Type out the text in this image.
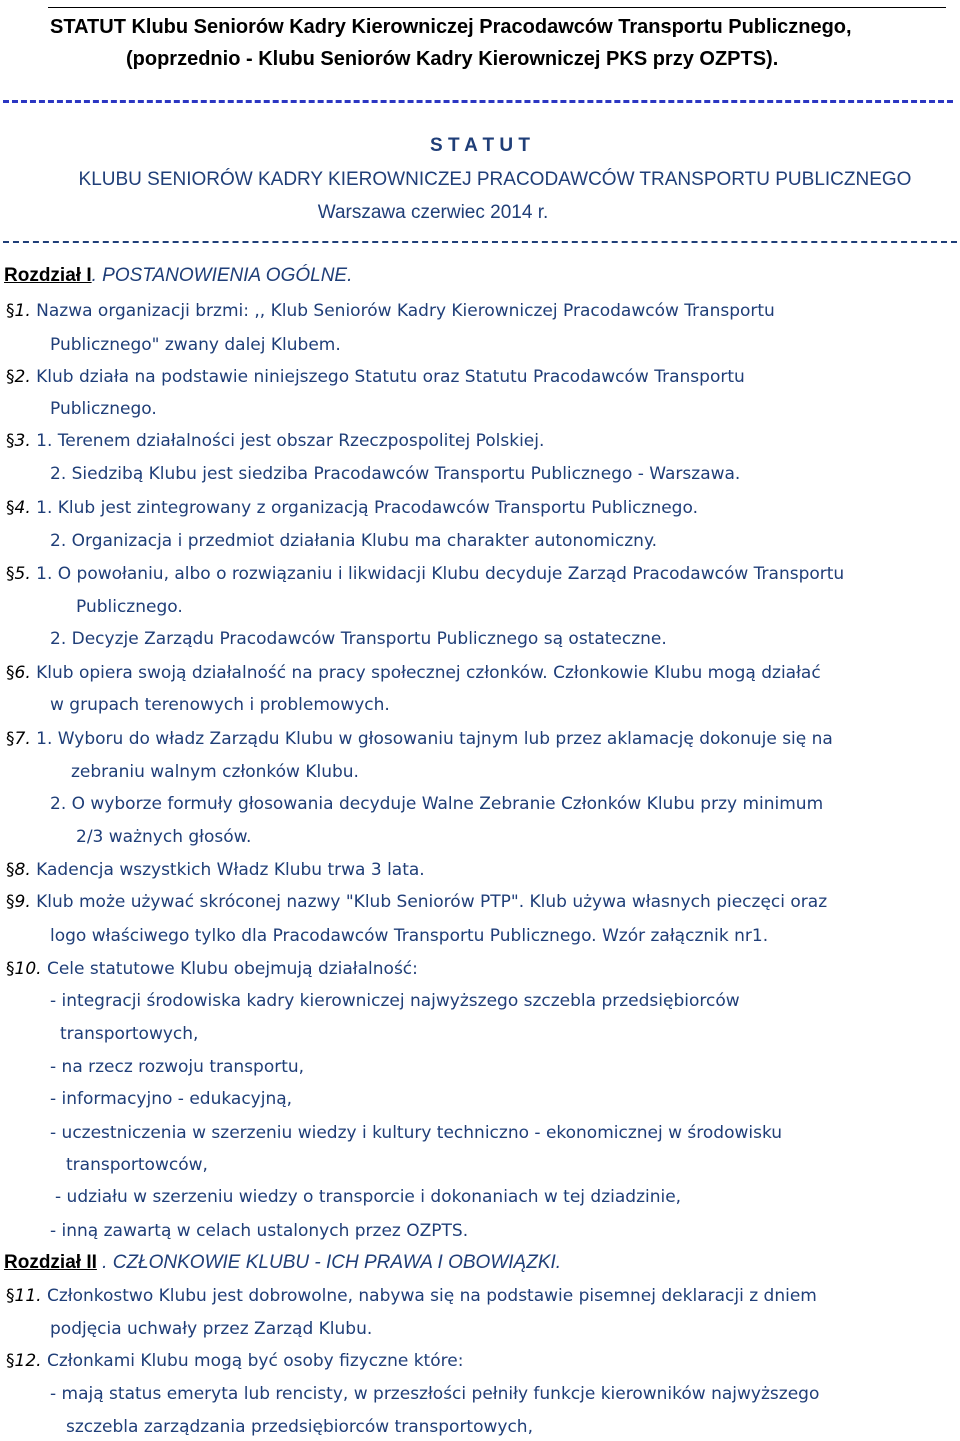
STATUT Klubu Seniorów Kadry Kierowniczej Pracodawców Transportu Publicznego,
(poprzednio - Klubu Seniorów Kadry Kierowniczej PKS przy OZPTS).
S T A T U T
KLUBU SENIORÓW KADRY KIEROWNICZEJ PRACODAWCÓW TRANSPORTU PUBLICZNEGO
Warszawa czerwiec 2014 r.
Rozdział I. POSTANOWIENIA OGÓLNE.
§1. Nazwa organizacji brzmi: ,, Klub Seniorów Kadry Kierowniczej Pracodawców Transportu
Publicznego" zwany dalej Klubem.
§2. Klub działa na podstawie niniejszego Statutu oraz Statutu Pracodawców Transportu
Publicznego.
§3. 1. Terenem działalności jest obszar Rzeczpospolitej Polskiej.
2. Siedzibą Klubu jest siedziba Pracodawców Transportu Publicznego - Warszawa.
§4. 1. Klub jest zintegrowany z organizacją Pracodawców Transportu Publicznego.
2. Organizacja i przedmiot działania Klubu ma charakter autonomiczny.
§5. 1. O powołaniu, albo o rozwiązaniu i likwidacji Klubu decyduje Zarząd Pracodawców Transportu
Publicznego.
2. Decyzje Zarządu Pracodawców Transportu Publicznego są ostateczne.
§6. Klub opiera swoją działalność na pracy społecznej członków. Członkowie Klubu mogą działać
w grupach terenowych i problemowych.
§7. 1. Wyboru do władz Zarządu Klubu w głosowaniu tajnym lub przez aklamację dokonuje się na
zebraniu walnym członków Klubu.
2. O wyborze formuły głosowania decyduje Walne Zebranie Członków Klubu przy minimum
2/3 ważnych głosów.
§8. Kadencja wszystkich Władz Klubu trwa 3 lata.
§9. Klub może używać skróconej nazwy "Klub Seniorów PTP". Klub używa własnych pieczęci oraz
logo właściwego tylko dla Pracodawców Transportu Publicznego. Wzór załącznik nr1.
§10. Cele statutowe Klubu obejmują działalność:
- integracji środowiska kadry kierowniczej najwyższego szczebla przedsiębiorców
transportowych,
- na rzecz rozwoju transportu,
- informacyjno - edukacyjną,
- uczestniczenia w szerzeniu wiedzy i kultury techniczno - ekonomicznej w środowisku
transportowców,
- udziału w szerzeniu wiedzy o transporcie i dokonaniach w tej dziadzinie,
- inną zawartą w celach ustalonych przez OZPTS.
Rozdział II . CZŁONKOWIE KLUBU - ICH PRAWA I OBOWIĄZKI.
§11. Członkostwo Klubu jest dobrowolne, nabywa się na podstawie pisemnej deklaracji z dniem
podjęcia uchwały przez Zarząd Klubu.
§12. Członkami Klubu mogą być osoby fizyczne które:
- mają status emeryta lub rencisty, w przeszłości pełniły funkcje kierowników najwyższego
szczebla zarządzania przedsiębiorców transportowych,
